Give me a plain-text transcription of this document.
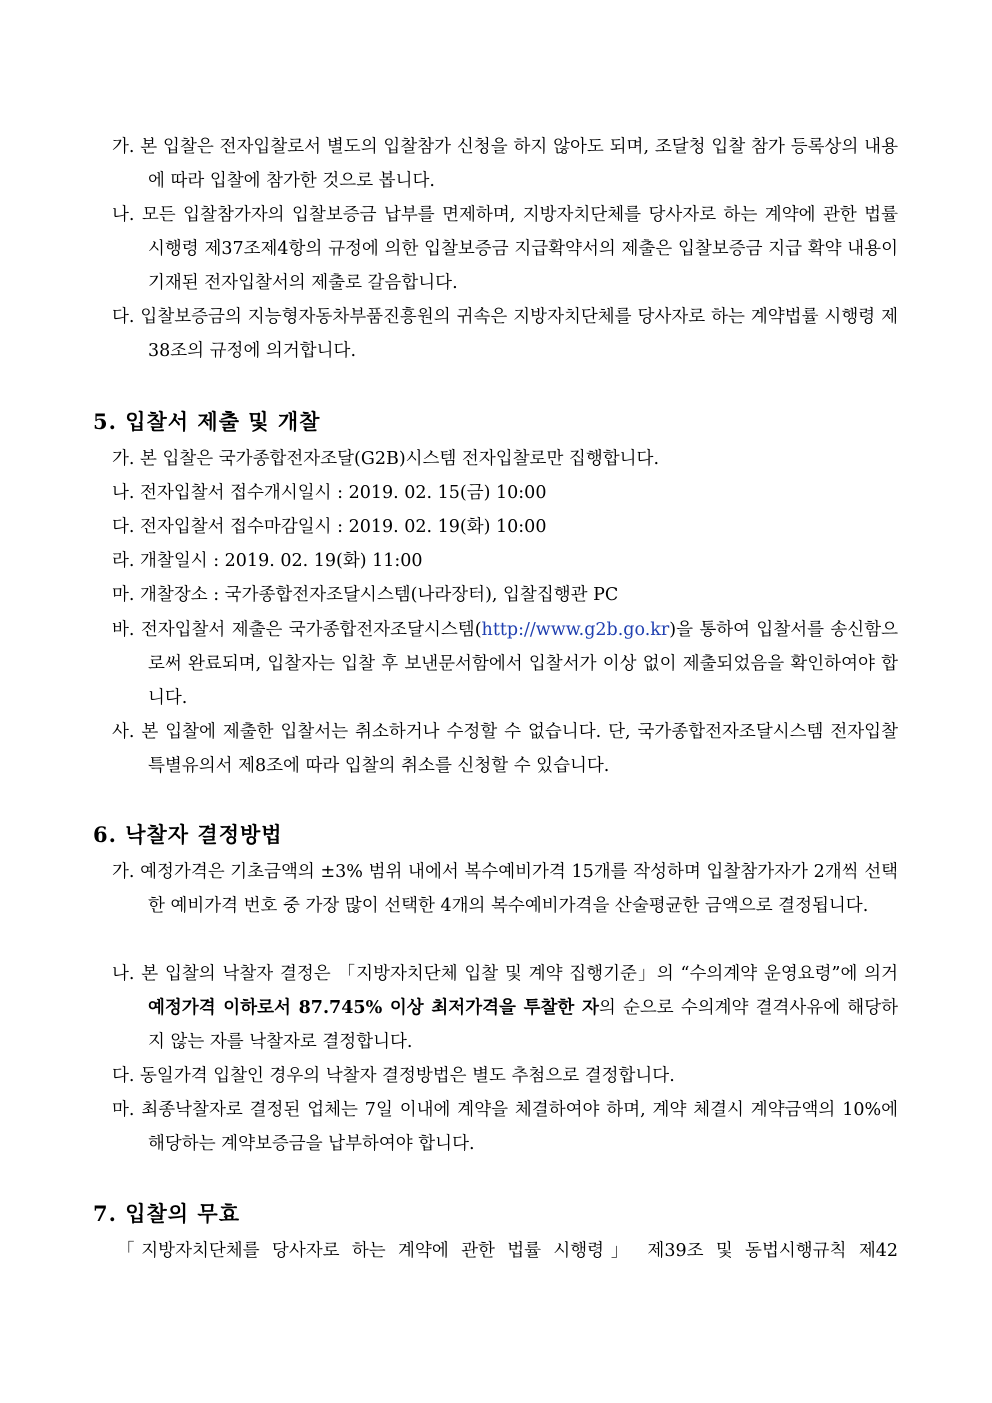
가. 본 입찰은 전자입찰로서 별도의 입찰참가 신청을 하지 않아도 되며, 조달청 입찰 참가 등록상의 내용에 따라 입찰에 참가한 것으로 봅니다.
나. 모든 입찰참가자의 입찰보증금 납부를 면제하며, 지방자치단체를 당사자로 하는 계약에 관한 법률 시행령 제37조제4항의 규정에 의한 입찰보증금 지급확약서의 제출은 입찰보증금 지급 확약 내용이 기재된 전자입찰서의 제출로 갈음합니다.
다. 입찰보증금의 지능형자동차부품진흥원의 귀속은 지방자치단체를 당사자로 하는 계약법률 시행령 제38조의 규정에 의거합니다.
5. 입찰서 제출 및 개찰
가. 본 입찰은 국가종합전자조달(G2B)시스템 전자입찰로만 집행합니다.
나. 전자입찰서 접수개시일시 : 2019. 02. 15(금) 10:00
다. 전자입찰서 접수마감일시 : 2019. 02. 19(화) 10:00
라. 개찰일시 : 2019. 02. 19(화) 11:00
마. 개찰장소 : 국가종합전자조달시스템(나라장터), 입찰집행관 PC
바. 전자입찰서 제출은 국가종합전자조달시스템(http://www.g2b.go.kr)을 통하여 입찰서를 송신함으로써 완료되며, 입찰자는 입찰 후 보낸문서함에서 입찰서가 이상 없이 제출되었음을 확인하여야 합니다.
사. 본 입찰에 제출한 입찰서는 취소하거나 수정할 수 없습니다. 단, 국가종합전자조달시스템 전자입찰특별유의서 제8조에 따라 입찰의 취소를 신청할 수 있습니다.
6. 낙찰자 결정방법
가. 예정가격은 기초금액의 ±3% 범위 내에서 복수예비가격 15개를 작성하며 입찰참가자가 2개씩 선택한 예비가격 번호 중 가장 많이 선택한 4개의 복수예비가격을 산술평균한 금액으로 결정됩니다.
나. 본 입찰의 낙찰자 결정은 「지방자치단체 입찰 및 계약 집행기준」의 “수의계약 운영요령”에 의거 예정가격 이하로서 87.745% 이상 최저가격을 투찰한 자의 순으로 수의계약 결격사유에 해당하지 않는 자를 낙찰자로 결정합니다.
다. 동일가격 입찰인 경우의 낙찰자 결정방법은 별도 추첨으로 결정합니다.
마. 최종낙찰자로 결정된 업체는 7일 이내에 계약을 체결하여야 하며, 계약 체결시 계약금액의 10%에 해당하는 계약보증금을 납부하여야 합니다.
7. 입찰의 무효
「지방자치단체를 당사자로 하는 계약에 관한 법률 시행령」 제39조 및 동법시행규칙 제42
